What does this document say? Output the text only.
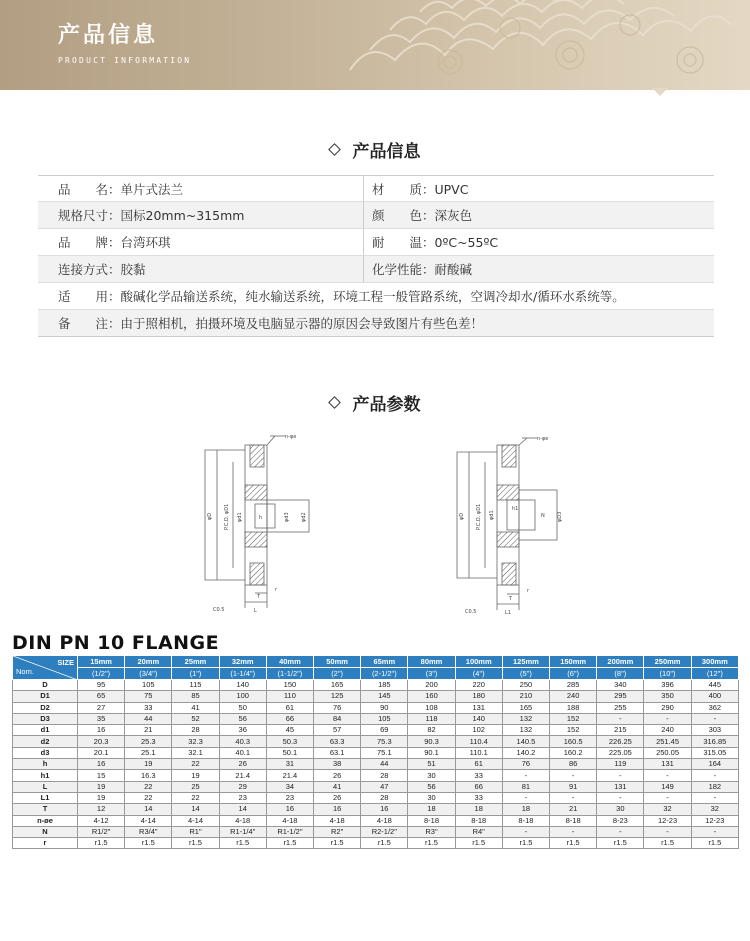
产品信息
PRODUCT INFORMATION
产品信息
品　　名：单片式法兰	材　　质：UPVC
规格尺寸：国标20mm~315mm	颜　　色：深灰色
品　　牌：台湾环琪	耐　　温：0ºC~55ºC
连接方式：胶黏	化学性能：耐酸碱
适　　用：酸碱化学品输送系统，纯水输送系统，环境工程一般管路系统，空调冷却水/循环水系统等。
备　　注：由于照相机，拍摄环境及电脑显示器的原因会导致图片有些色差！
产品参数
n-φe
φD P.C.D. φD1 φd1	h	φd3 φd2
T
L
r
C0.5
n-φe
φD P.C.D. φD1 φd1
h1
N φD3
T
L1
r
C0.5
DIN PN 10 FLANGE
SIZE
Nom.	15mm	20mm	25mm	32mm	40mm	50mm	65mm	80mm	100mm	125mm	150mm	200mm	250mm	300mm
	(1/2")	(3/4")	(1")	(1-1/4")	(1-1/2")	(2")	(2-1/2")	(3")	(4")	(5")	(6")	(8")	(10")	(12")
D	95	105	115	140	150	165	185	200	220	250	285	340	396	445
D1	65	75	85	100	110	125	145	160	180	210	240	295	350	400
D2	27	33	41	50	61	76	90	108	131	165	188	255	290	362
D3	35	44	52	56	66	84	105	118	140	132	152	-	-	-
d1	16	21	28	36	45	57	69	82	102	132	152	215	240	303
d2	20.3	25.3	32.3	40.3	50.3	63.3	75.3	90.3	110.4	140.5	160.5	226.25	251.45	316.85
d3	20.1	25.1	32.1	40.1	50.1	63.1	75.1	90.1	110.1	140.2	160.2	225.05	250.05	315.05
h	16	19	22	26	31	38	44	51	61	76	86	119	131	164
h1	15	16.3	19	21.4	21.4	26	28	30	33	-	-	-	-	-
L	19	22	25	29	34	41	47	56	66	81	91	131	149	182
L1	19	22	22	23	23	26	28	30	33	-	-	-	-	-
T	12	14	14	14	16	16	16	18	18	18	21	30	32	32
n-øe	4-12	4-14	4-14	4-18	4-18	4-18	4-18	8-18	8-18	8-18	8-18	8-23	12-23	12-23
N	R1/2"	R3/4"	R1"	R1-1/4"	R1-1/2"	R2"	R2-1/2"	R3"	R4"	-	-	-	-	-
r	r1.5	r1.5	r1.5	r1.5	r1.5	r1.5	r1.5	r1.5	r1.5	r1.5	r1.5	r1.5	r1.5	r1.5
